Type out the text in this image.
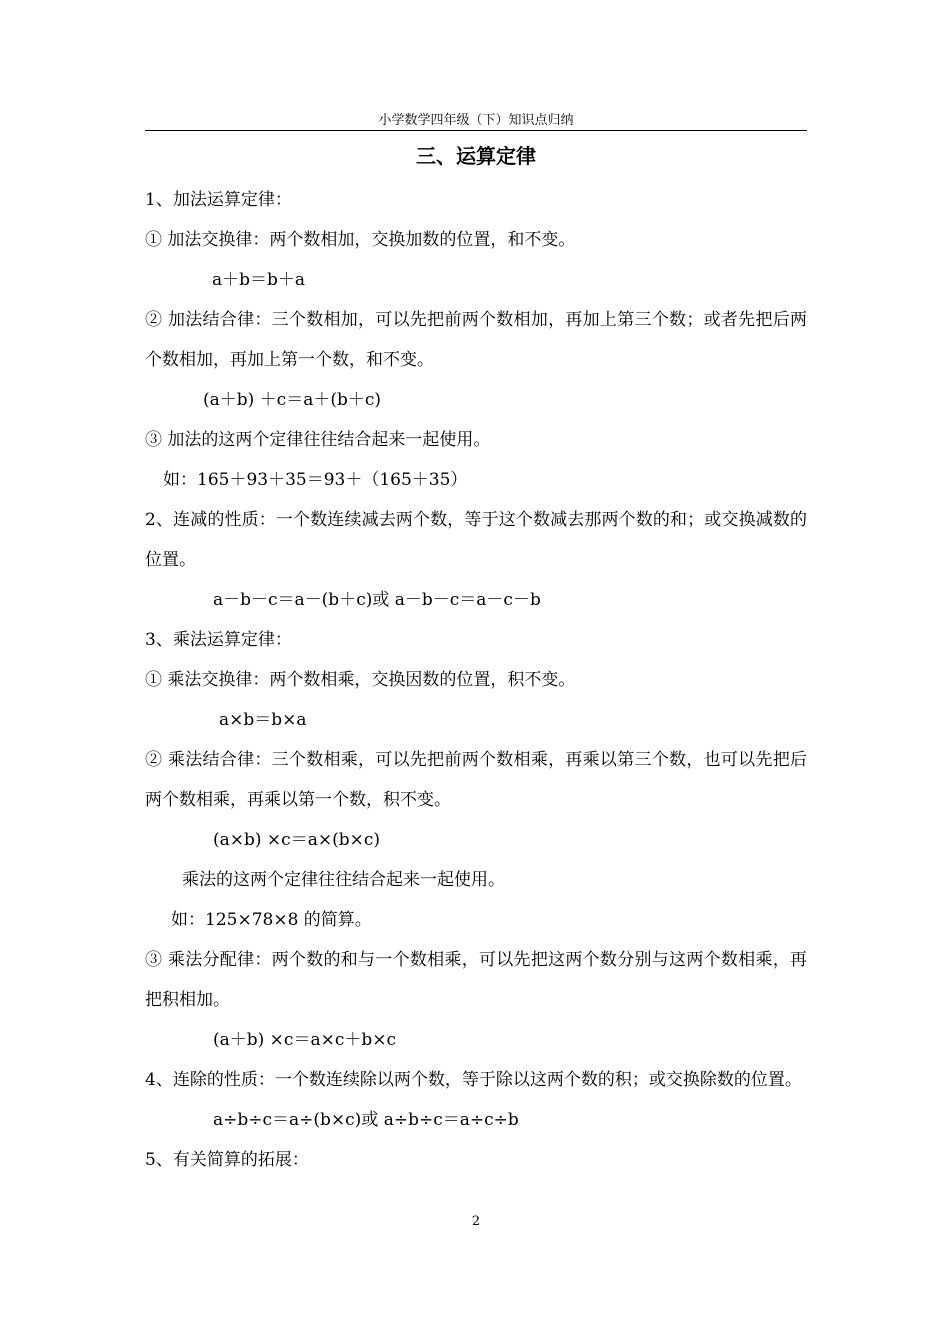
小学数学四年级（下）知识点归纳
三、运算定律
1、加法运算定律：
① 加法交换律：两个数相加，交换加数的位置，和不变。
a＋b＝b＋a
② 加法结合律：三个数相加，可以先把前两个数相加，再加上第三个数；或者先把后两个数相加，再加上第一个数，和不变。
(a＋b) ＋c＝a＋(b＋c)
③ 加法的这两个定律往往结合起来一起使用。
如：165＋93＋35＝93＋（165＋35）
2、连减的性质：一个数连续减去两个数，等于这个数减去那两个数的和；或交换减数的位置。
a－b－c＝a－(b＋c)或 a－b－c＝a－c－b
3、乘法运算定律：
① 乘法交换律：两个数相乘，交换因数的位置，积不变。
a×b＝b×a
② 乘法结合律：三个数相乘，可以先把前两个数相乘，再乘以第三个数，也可以先把后两个数相乘，再乘以第一个数，积不变。
(a×b) ×c＝a×(b×c)
乘法的这两个定律往往结合起来一起使用。
如：125×78×8 的简算。
③ 乘法分配律：两个数的和与一个数相乘，可以先把这两个数分别与这两个数相乘，再把积相加。
(a＋b) ×c＝a×c＋b×c
4、连除的性质：一个数连续除以两个数，等于除以这两个数的积；或交换除数的位置。
a÷b÷c＝a÷(b×c)或 a÷b÷c＝a÷c÷b
5、有关简算的拓展：
2
